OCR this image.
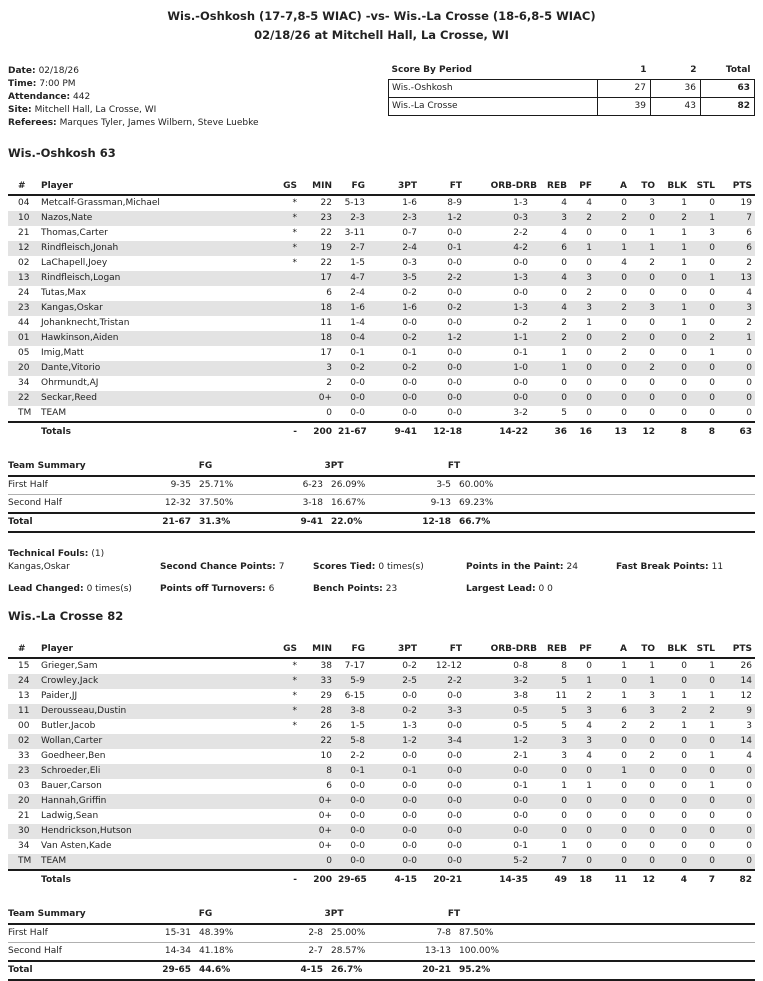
Wis.-Oshkosh (17-7,8-5 WIAC) -vs- Wis.-La Crosse (18-6,8-5 WIAC)
02/18/26 at Mitchell Hall, La Crosse, WI
Date: 02/18/26
Time: 7:00 PM
Attendance: 442
Site: Mitchell Hall, La Crosse, WI
Referees: Marques Tyler, James Wilbern, Steve Luebke
Score By Period	1	2	Total
Wis.-Oshkosh	27	36	63
Wis.-La Crosse	39	43	82
Wis.-Oshkosh 63
#	Player	GS	MIN	FG	3PT	FT	ORB-DRB	REB	PF	A	TO	BLK	STL	PTS
04	Metcalf-Grassman,Michael	*	22	5-13	1-6	8-9	1-3	4	4	0	3	1	0	19
10	Nazos,Nate	*	23	2-3	2-3	1-2	0-3	3	2	2	0	2	1	7
21	Thomas,Carter	*	22	3-11	0-7	0-0	2-2	4	0	0	1	1	3	6
12	Rindfleisch,Jonah	*	19	2-7	2-4	0-1	4-2	6	1	1	1	1	0	6
02	LaChapell,Joey	*	22	1-5	0-3	0-0	0-0	0	0	4	2	1	0	2
13	Rindfleisch,Logan		17	4-7	3-5	2-2	1-3	4	3	0	0	0	1	13
24	Tutas,Max		6	2-4	0-2	0-0	0-0	0	2	0	0	0	0	4
23	Kangas,Oskar		18	1-6	1-6	0-2	1-3	4	3	2	3	1	0	3
44	Johanknecht,Tristan		11	1-4	0-0	0-0	0-2	2	1	0	0	1	0	2
01	Hawkinson,Aiden		18	0-4	0-2	1-2	1-1	2	0	2	0	0	2	1
05	Imig,Matt		17	0-1	0-1	0-0	0-1	1	0	2	0	0	1	0
20	Dante,Vitorio		3	0-2	0-2	0-0	1-0	1	0	0	2	0	0	0
34	Ohrmundt,AJ		2	0-0	0-0	0-0	0-0	0	0	0	0	0	0	0
22	Seckar,Reed		0+	0-0	0-0	0-0	0-0	0	0	0	0	0	0	0
TM	TEAM		0	0-0	0-0	0-0	3-2	5	0	0	0	0	0	0
	Totals	-	200	21-67	9-41	12-18	14-22	36	16	13	12	8	8	63
Team Summary	FG		3PT		FT	
First Half	9-35	25.71%	6-23	26.09%	3-5	60.00%
Second Half	12-32	37.50%	3-18	16.67%	9-13	69.23%
Total	21-67	31.3%	9-41	22.0%	12-18	66.7%
Technical Fouls: (1)
Kangas,Oskar	Second Chance Points: 7	Scores Tied: 0 times(s)	Points in the Paint: 24	Fast Break Points: 11
Lead Changed: 0 times(s)	Points off Turnovers: 6	Bench Points: 23	Largest Lead: 0 0
Wis.-La Crosse 82
#	Player	GS	MIN	FG	3PT	FT	ORB-DRB	REB	PF	A	TO	BLK	STL	PTS
15	Grieger,Sam	*	38	7-17	0-2	12-12	0-8	8	0	1	1	0	1	26
24	Crowley,Jack	*	33	5-9	2-5	2-2	3-2	5	1	0	1	0	0	14
13	Paider,JJ	*	29	6-15	0-0	0-0	3-8	11	2	1	3	1	1	12
11	Derousseau,Dustin	*	28	3-8	0-2	3-3	0-5	5	3	6	3	2	2	9
00	Butler,Jacob	*	26	1-5	1-3	0-0	0-5	5	4	2	2	1	1	3
02	Wollan,Carter		22	5-8	1-2	3-4	1-2	3	3	0	0	0	0	14
33	Goedheer,Ben		10	2-2	0-0	0-0	2-1	3	4	0	2	0	1	4
23	Schroeder,Eli		8	0-1	0-1	0-0	0-0	0	0	1	0	0	0	0
03	Bauer,Carson		6	0-0	0-0	0-0	0-1	1	1	0	0	0	1	0
20	Hannah,Griffin		0+	0-0	0-0	0-0	0-0	0	0	0	0	0	0	0
21	Ladwig,Sean		0+	0-0	0-0	0-0	0-0	0	0	0	0	0	0	0
30	Hendrickson,Hutson		0+	0-0	0-0	0-0	0-0	0	0	0	0	0	0	0
34	Van Asten,Kade		0+	0-0	0-0	0-0	0-1	1	0	0	0	0	0	0
TM	TEAM		0	0-0	0-0	0-0	5-2	7	0	0	0	0	0	0
	Totals	-	200	29-65	4-15	20-21	14-35	49	18	11	12	4	7	82
Team Summary	FG		3PT		FT	
First Half	15-31	48.39%	2-8	25.00%	7-8	87.50%
Second Half	14-34	41.18%	2-7	28.57%	13-13	100.00%
Total	29-65	44.6%	4-15	26.7%	20-21	95.2%
